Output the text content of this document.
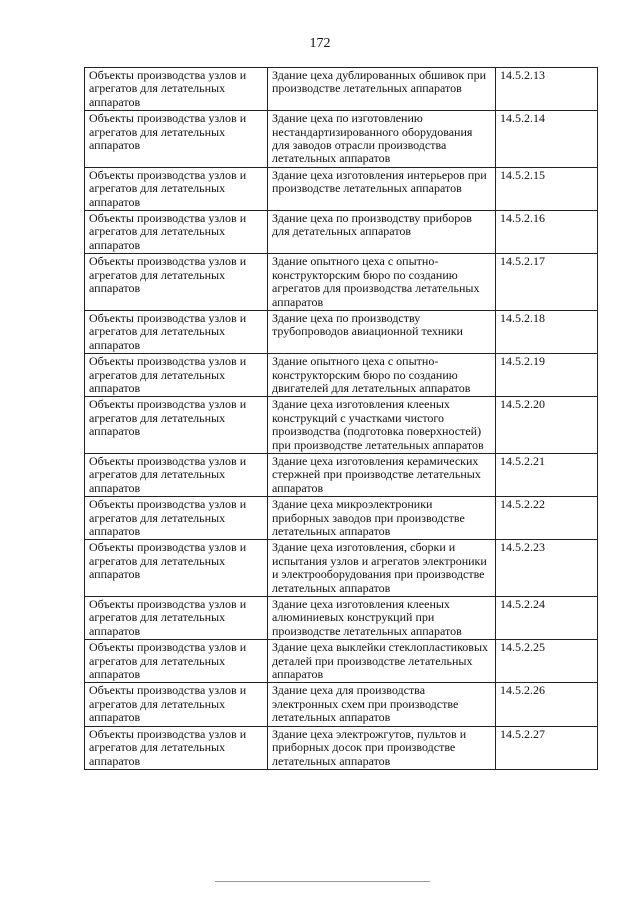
172
Объекты производства узлов и агрегатов для летательных аппаратов	Здание цеха дублированных обшивок при производстве летательных аппаратов	14.5.2.13
Объекты производства узлов и агрегатов для летательных аппаратов	Здание цеха по изготовлению нестандартизированного оборудования для заводов отрасли производства летательных аппаратов	14.5.2.14
Объекты производства узлов и агрегатов для летательных аппаратов	Здание цеха изготовления интерьеров при производстве летательных аппаратов	14.5.2.15
Объекты производства узлов и агрегатов для летательных аппаратов	Здание цеха по производству приборов для детательных аппаратов	14.5.2.16
Объекты производства узлов и агрегатов для летательных аппаратов	Здание опытного цеха с опытно-конструкторским бюро по созданию агрегатов для производства летательных аппаратов	14.5.2.17
Объекты производства узлов и агрегатов для летательных аппаратов	Здание цеха по производству трубопроводов авиационной техники	14.5.2.18
Объекты производства узлов и агрегатов для летательных аппаратов	Здание опытного цеха с опытно-конструкторским бюро по созданию двигателей для летательных аппаратов	14.5.2.19
Объекты производства узлов и агрегатов для летательных аппаратов	Здание цеха изготовления клееных конструкций с участками чистого производства (подготовка поверхностей) при производстве летательных аппаратов	14.5.2.20
Объекты производства узлов и агрегатов для летательных аппаратов	Здание цеха изготовления керамических стержней при производстве летательных аппаратов	14.5.2.21
Объекты производства узлов и агрегатов для летательных аппаратов	Здание цеха микроэлектроники приборных заводов при производстве летательных аппаратов	14.5.2.22
Объекты производства узлов и агрегатов для летательных аппаратов	Здание цеха изготовления, сборки и испытания узлов и агрегатов электроники и электрооборудования при производстве летательных аппаратов	14.5.2.23
Объекты производства узлов и агрегатов для летательных аппаратов	Здание цеха изготовления клееных алюминиевых конструкций при производстве летательных аппаратов	14.5.2.24
Объекты производства узлов и агрегатов для летательных аппаратов	Здание цеха выклейки стеклопластиковых деталей при производстве летательных аппаратов	14.5.2.25
Объекты производства узлов и агрегатов для летательных аппаратов	Здание цеха для производства электронных схем при производстве летательных аппаратов	14.5.2.26
Объекты производства узлов и агрегатов для летательных аппаратов	Здание цеха электрожгутов, пультов и приборных досок при производстве летательных аппаратов	14.5.2.27
